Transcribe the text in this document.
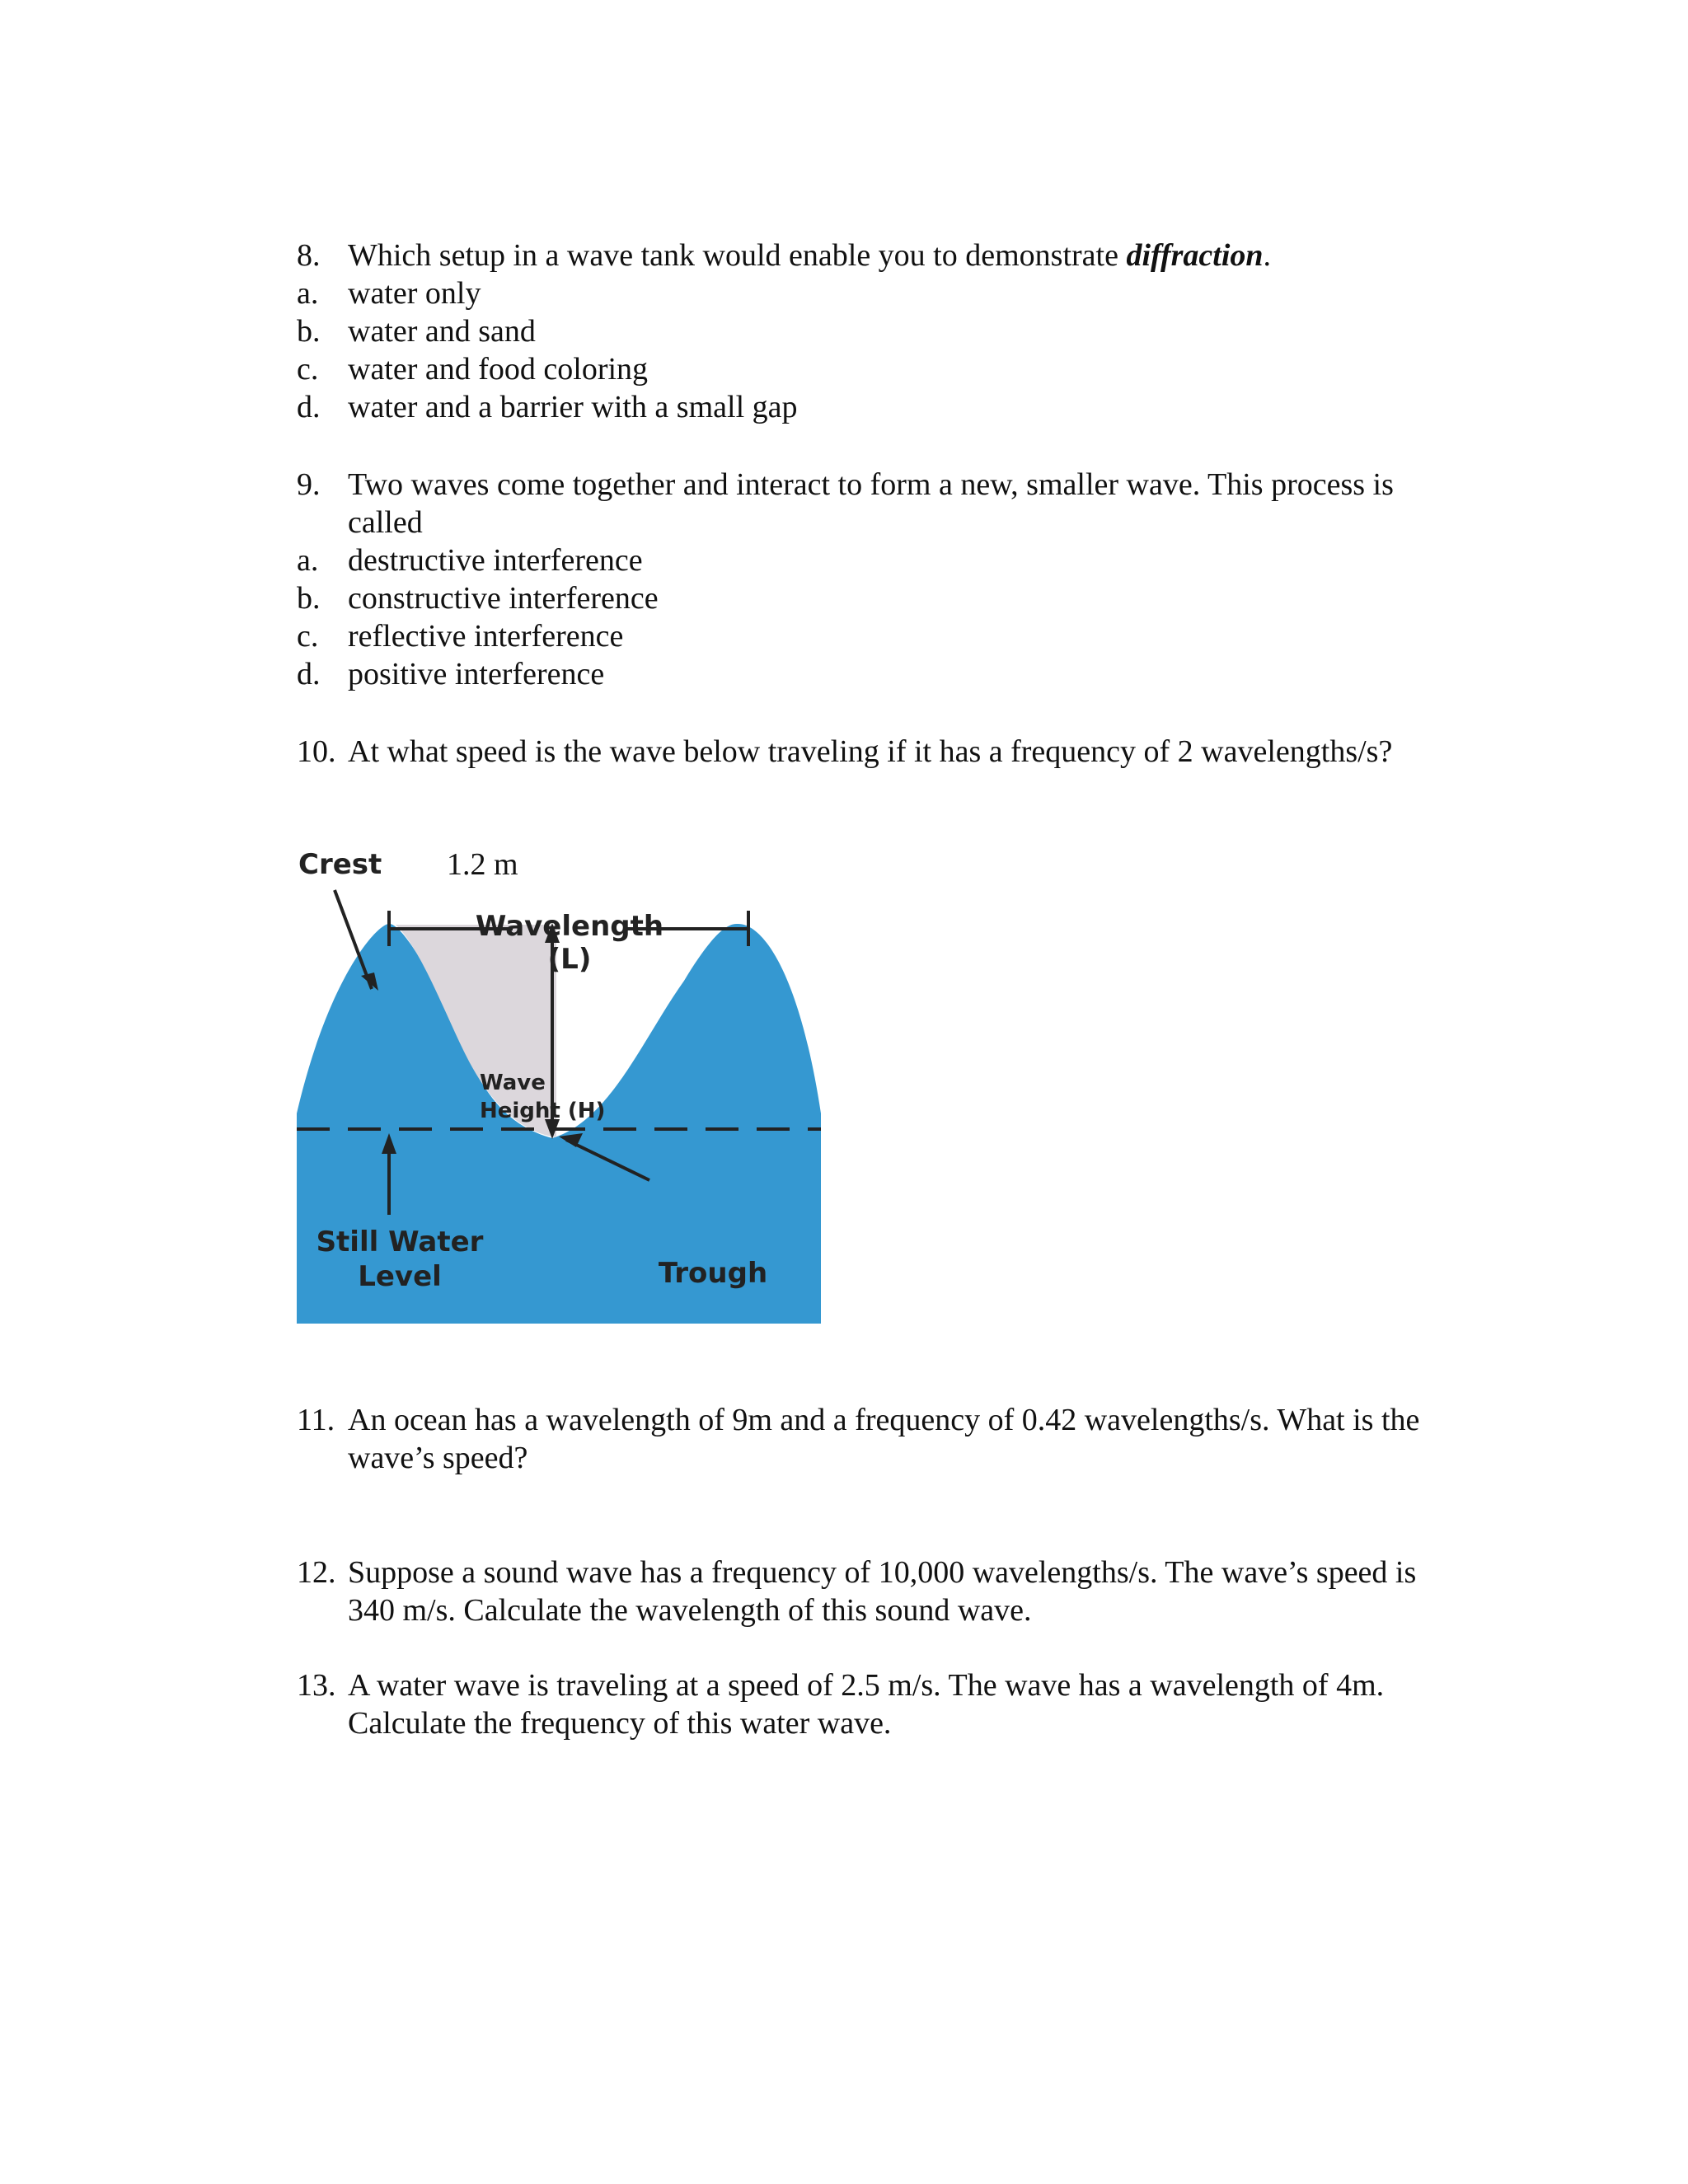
8. Which setup in a wave tank would enable you to demonstrate diffraction.
a. water only
b. water and sand
c. water and food coloring
d. water and a barrier with a small gap
9. Two waves come together and interact to form a new, smaller wave. This process is called
a. destructive interference
b. constructive interference
c. reflective interference
d. positive interference
10. At what speed is the wave below traveling if it has a frequency of 2 wavelengths/s?
1.2 m
Crest
Wavelength
(L)
Wave
Height (H)
Still Water
Level	Trough
11. An ocean has a wavelength of 9m and a frequency of 0.42 wavelengths/s. What is the wave’s speed?
12. Suppose a sound wave has a frequency of 10,000 wavelengths/s. The wave’s speed is 340 m/s. Calculate the wavelength of this sound wave.
13. A water wave is traveling at a speed of 2.5 m/s. The wave has a wavelength of 4m. Calculate the frequency of this water wave.
